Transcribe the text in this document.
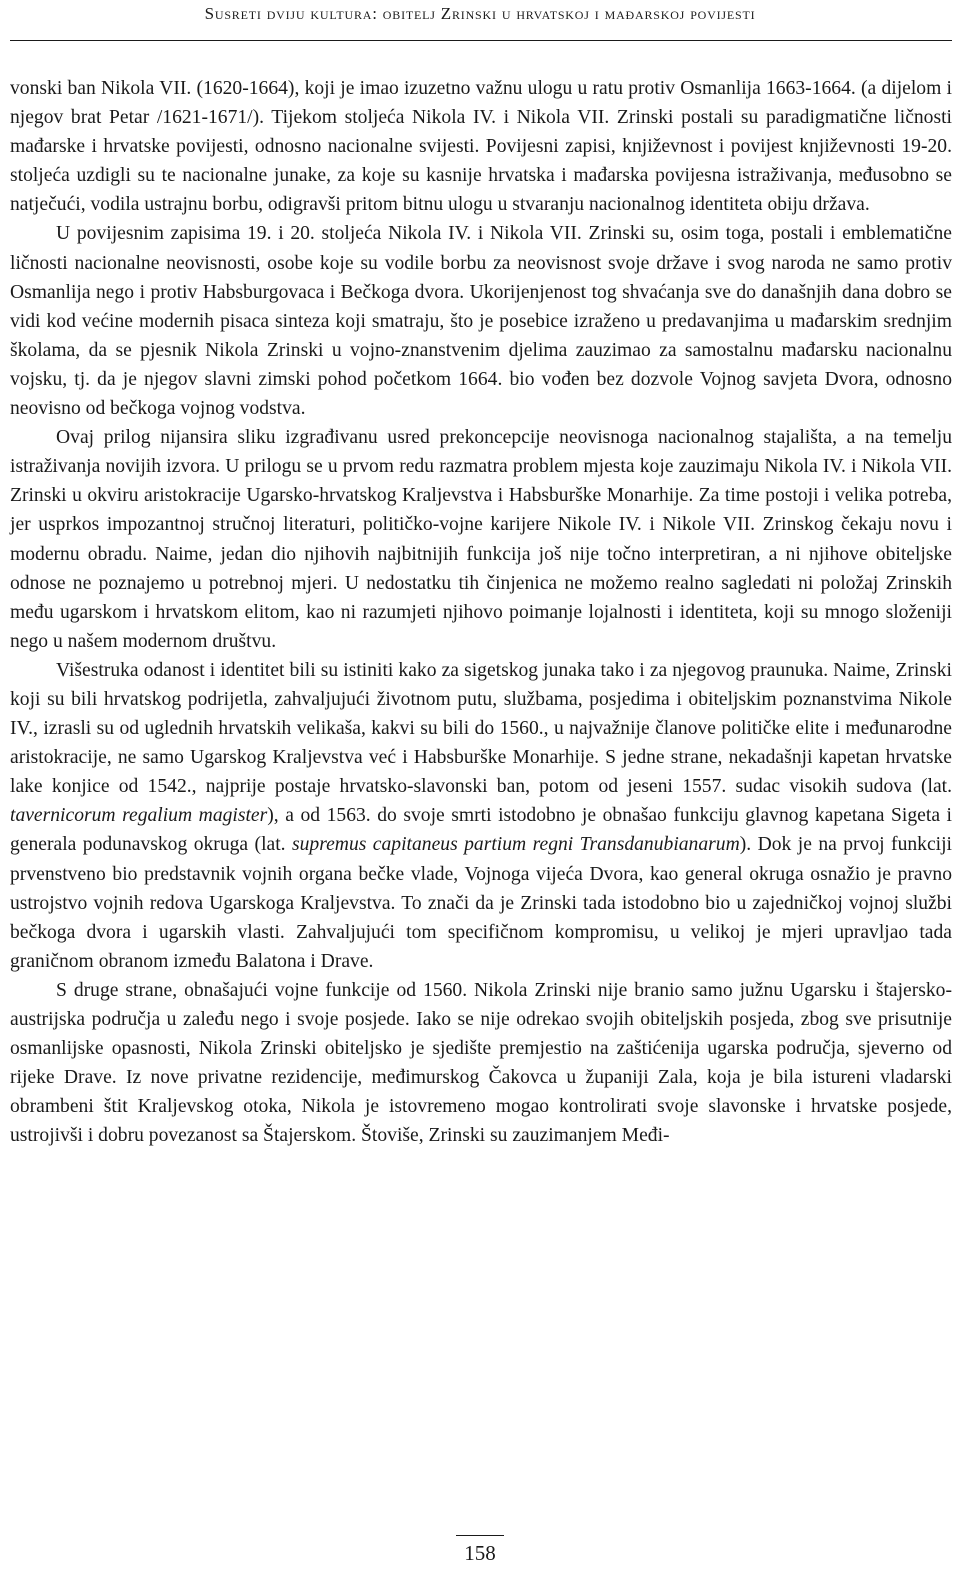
Susreti dviju kultura: obitelj Zrinski u hrvatskoj i mađarskoj povijesti

vonski ban Nikola VII. (1620-1664), koji je imao izuzetno važnu ulogu u ratu protiv Osmanlija 1663-1664. (a dijelom i njegov brat Petar /1621-1671/). Tijekom stoljeća Nikola IV. i Nikola VII. Zrinski postali su paradigmatične ličnosti mađarske i hrvatske povijesti, odnosno nacionalne svijesti. Povijesni zapisi, književnost i povijest književnosti 19-20. stoljeća uzdigli su te nacionalne junake, za koje su kasnije hrvatska i mađarska povijesna istraživanja, međusobno se natječući, vodila ustrajnu borbu, odigravši pritom bitnu ulogu u stvaranju nacionalnog identiteta obiju država.

U povijesnim zapisima 19. i 20. stoljeća Nikola IV. i Nikola VII. Zrinski su, osim toga, postali i emblematične ličnosti nacionalne neovisnosti, osobe koje su vodile borbu za neovisnost svoje države i svog naroda ne samo protiv Osmanlija nego i protiv Habsburgovaca i Bečkoga dvora. Ukorijenjenost tog shvaćanja sve do današnjih dana dobro se vidi kod većine modernih pisaca sinteza koji smatraju, što je posebice izraženo u predavanjima u mađarskim srednjim školama, da se pjesnik Nikola Zrinski u vojno-znanstvenim djelima zauzimao za samostalnu mađarsku nacionalnu vojsku, tj. da je njegov slavni zimski pohod početkom 1664. bio vođen bez dozvole Vojnog savjeta Dvora, odnosno neovisno od bečkoga vojnog vodstva.

Ovaj prilog nijansira sliku izgrađivanu usred prekoncepcije neovisnoga nacionalnog stajališta, a na temelju istraživanja novijih izvora. U prilogu se u prvom redu razmatra problem mjesta koje zauzimaju Nikola IV. i Nikola VII. Zrinski u okviru aristokracije Ugarsko-hrvatskog Kraljevstva i Habsburške Monarhije. Za time postoji i velika potreba, jer usprkos impozantnoj stručnoj literaturi, političko-vojne karijere Nikole IV. i Nikole VII. Zrinskog čekaju novu i modernu obradu. Naime, jedan dio njihovih najbitnijih funkcija još nije točno interpretiran, a ni njihove obiteljske odnose ne poznajemo u potrebnoj mjeri. U nedostatku tih činjenica ne možemo realno sagledati ni položaj Zrinskih među ugarskom i hrvatskom elitom, kao ni razumjeti njihovo poimanje lojalnosti i identiteta, koji su mnogo složeniji nego u našem modernom društvu.

Višestruka odanost i identitet bili su istiniti kako za sigetskog junaka tako i za njegovog praunuka. Naime, Zrinski koji su bili hrvatskog podrijetla, zahvaljujući životnom putu, službama, posjedima i obiteljskim poznanstvima Nikole IV., izrasli su od uglednih hrvatskih velikaša, kakvi su bili do 1560., u najvažnije članove političke elite i međunarodne aristokracije, ne samo Ugarskog Kraljevstva već i Habsburške Monarhije. S jedne strane, nekadašnji kapetan hrvatske lake konjice od 1542., najprije postaje hrvatsko-slavonski ban, potom od jeseni 1557. sudac visokih sudova (lat. tavernicorum regalium magister), a od 1563. do svoje smrti istodobno je obnašao funkciju glavnog kapetana Sigeta i generala podunavskog okruga (lat. supremus capitaneus partium regni Transdanubianarum). Dok je na prvoj funkciji prvenstveno bio predstavnik vojnih organa bečke vlade, Vojnoga vijeća Dvora, kao general okruga osnažio je pravno ustrojstvo vojnih redova Ugarskoga Kraljevstva. To znači da je Zrinski tada istodobno bio u zajedničkoj vojnoj službi bečkoga dvora i ugarskih vlasti. Zahvaljujući tom specifičnom kompromisu, u velikoj je mjeri upravljao tada graničnom obranom između Balatona i Drave.

S druge strane, obnašajući vojne funkcije od 1560. Nikola Zrinski nije branio samo južnu Ugarsku i štajersko-austrijska područja u zaleđu nego i svoje posjede. Iako se nije odrekao svojih obiteljskih posjeda, zbog sve prisutnije osmanlijske opasnosti, Nikola Zrinski obiteljsko je sjedište premjestio na zaštićenija ugarska područja, sjeverno od rijeke Drave. Iz nove privatne rezidencije, međimurskog Čakovca u županiji Zala, koja je bila istureni vladarski obrambeni štit Kraljevskog otoka, Nikola je istovremeno mogao kontrolirati svoje slavonske i hrvatske posjede, ustrojivši i dobru povezanost sa Štajerskom. Štoviše, Zrinski su zauzimanjem Međi-

158
